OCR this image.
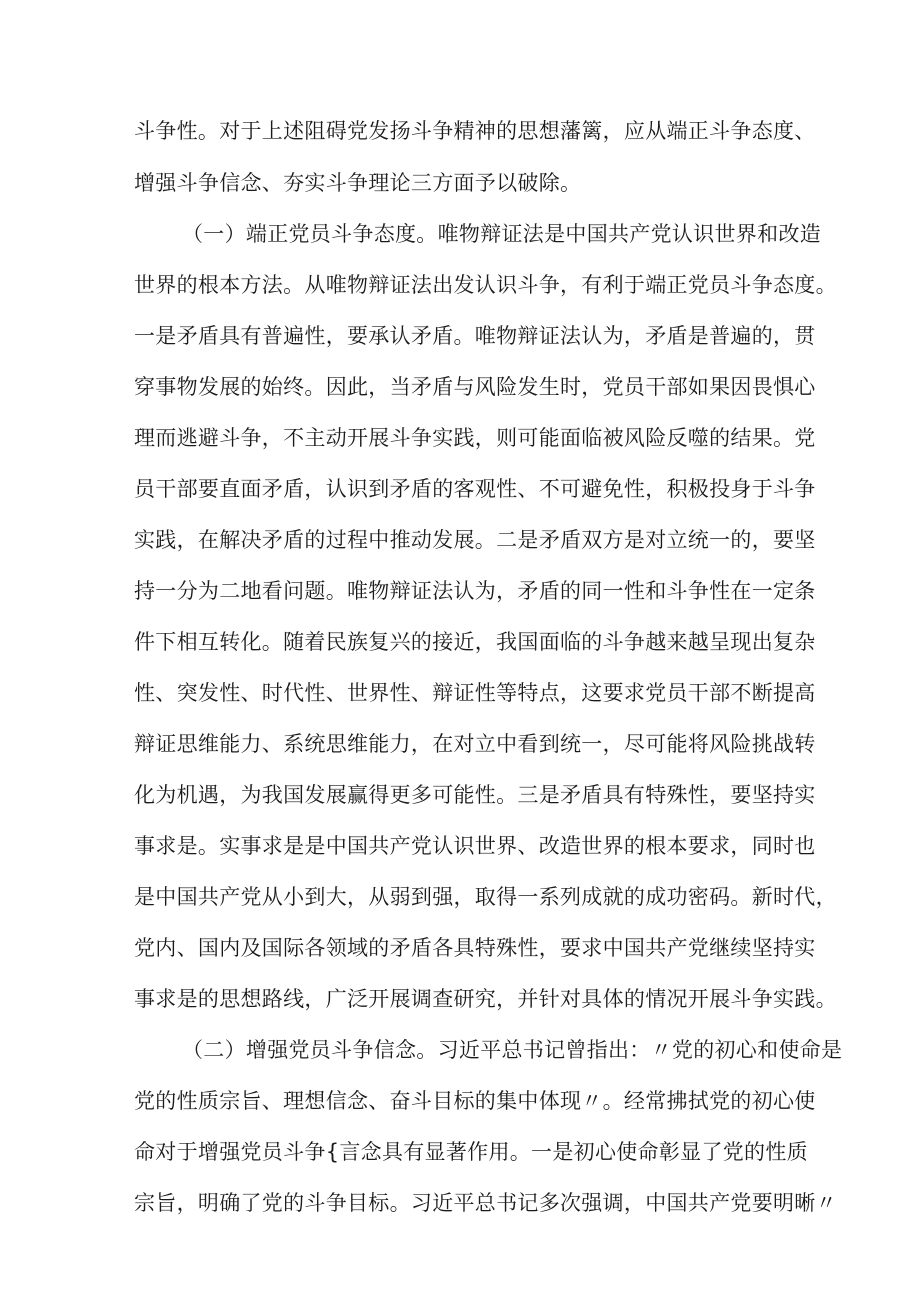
斗争性。对于上述阻碍党发扬斗争精神的思想藩篱，应从端正斗争态度、
增强斗争信念、夯实斗争理论三方面予以破除。
（一）端正党员斗争态度。唯物辩证法是中国共产党认识世界和改造
世界的根本方法。从唯物辩证法出发认识斗争，有利于端正党员斗争态度。
一是矛盾具有普遍性，要承认矛盾。唯物辩证法认为，矛盾是普遍的，贯
穿事物发展的始终。因此，当矛盾与风险发生时，党员干部如果因畏惧心
理而逃避斗争，不主动开展斗争实践，则可能面临被风险反噬的结果。党
员干部要直面矛盾，认识到矛盾的客观性、不可避免性，积极投身于斗争
实践，在解决矛盾的过程中推动发展。二是矛盾双方是对立统一的，要坚
持一分为二地看问题。唯物辩证法认为，矛盾的同一性和斗争性在一定条
件下相互转化。随着民族复兴的接近，我国面临的斗争越来越呈现出复杂
性、突发性、时代性、世界性、辩证性等特点，这要求党员干部不断提高
辩证思维能力、系统思维能力，在对立中看到统一，尽可能将风险挑战转
化为机遇，为我国发展赢得更多可能性。三是矛盾具有特殊性，要坚持实
事求是。实事求是是中国共产党认识世界、改造世界的根本要求，同时也
是中国共产党从小到大，从弱到强，取得一系列成就的成功密码。新时代，
党内、国内及国际各领域的矛盾各具特殊性，要求中国共产党继续坚持实
事求是的思想路线，广泛开展调查研究，并针对具体的情况开展斗争实践。
（二）增强党员斗争信念。习近平总书记曾指出：〃党的初心和使命是
党的性质宗旨、理想信念、奋斗目标的集中体现〃。经常拂拭党的初心使
命对于增强党员斗争{言念具有显著作用。一是初心使命彰显了党的性质
宗旨，明确了党的斗争目标。习近平总书记多次强调，中国共产党要明晰〃
